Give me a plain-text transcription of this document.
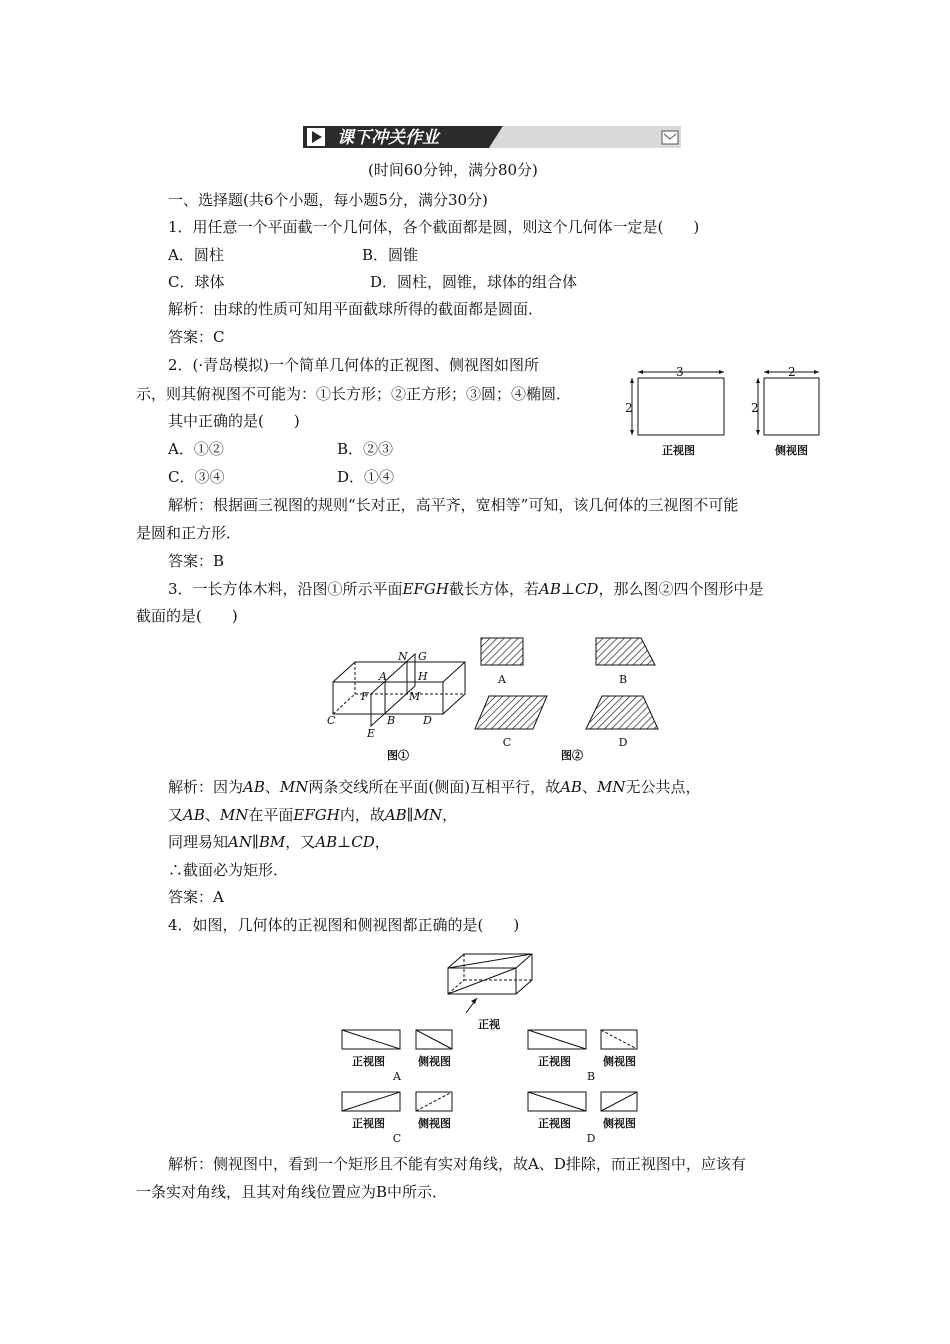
课下冲关作业
(时间60分钟，满分80分)
一、选择题(共6个小题，每小题5分，满分30分)
1．用任意一个平面截一个几何体，各个截面都是圆，则这个几何体一定是(　　)
A．圆柱	B．圆锥
C．球体	D．圆柱，圆锥，球体的组合体
解析：由球的性质可知用平面截球所得的截面都是圆面．
答案：C
2．(·青岛模拟)一个简单几何体的正视图、侧视图如图所
示，则其俯视图不可能为：①长方形；②正方形；③圆；④椭圆．
其中正确的是(　　)
A．①②	B．②③
C．③④	D．①④
3
2
正视图
2
2
侧视图
解析：根据画三视图的规则“长对正，高平齐，宽相等”可知，该几何体的三视图不可能
是圆和正方形．
答案：B
3．一长方体木料，沿图①所示平面EFGH截长方体，若AB⊥CD，那么图②四个图形中是
截面的是(　　)
N G
A	H
F	M
C	B	D
E
图①
A	B
C	D
图②
解析：因为AB、MN两条交线所在平面(侧面)互相平行，故AB、MN无公共点，
又AB、MN在平面EFGH内，故AB∥MN，
同理易知AN∥BM，又AB⊥CD，
∴截面必为矩形．
答案：A
4．如图，几何体的正视图和侧视图都正确的是(　　)
正视
正视图	侧视图
A
正视图	侧视图
B
正视图	侧视图
C
正视图	侧视图
D
解析：侧视图中，看到一个矩形且不能有实对角线，故A、D排除，而正视图中，应该有
一条实对角线，且其对角线位置应为B中所示．
